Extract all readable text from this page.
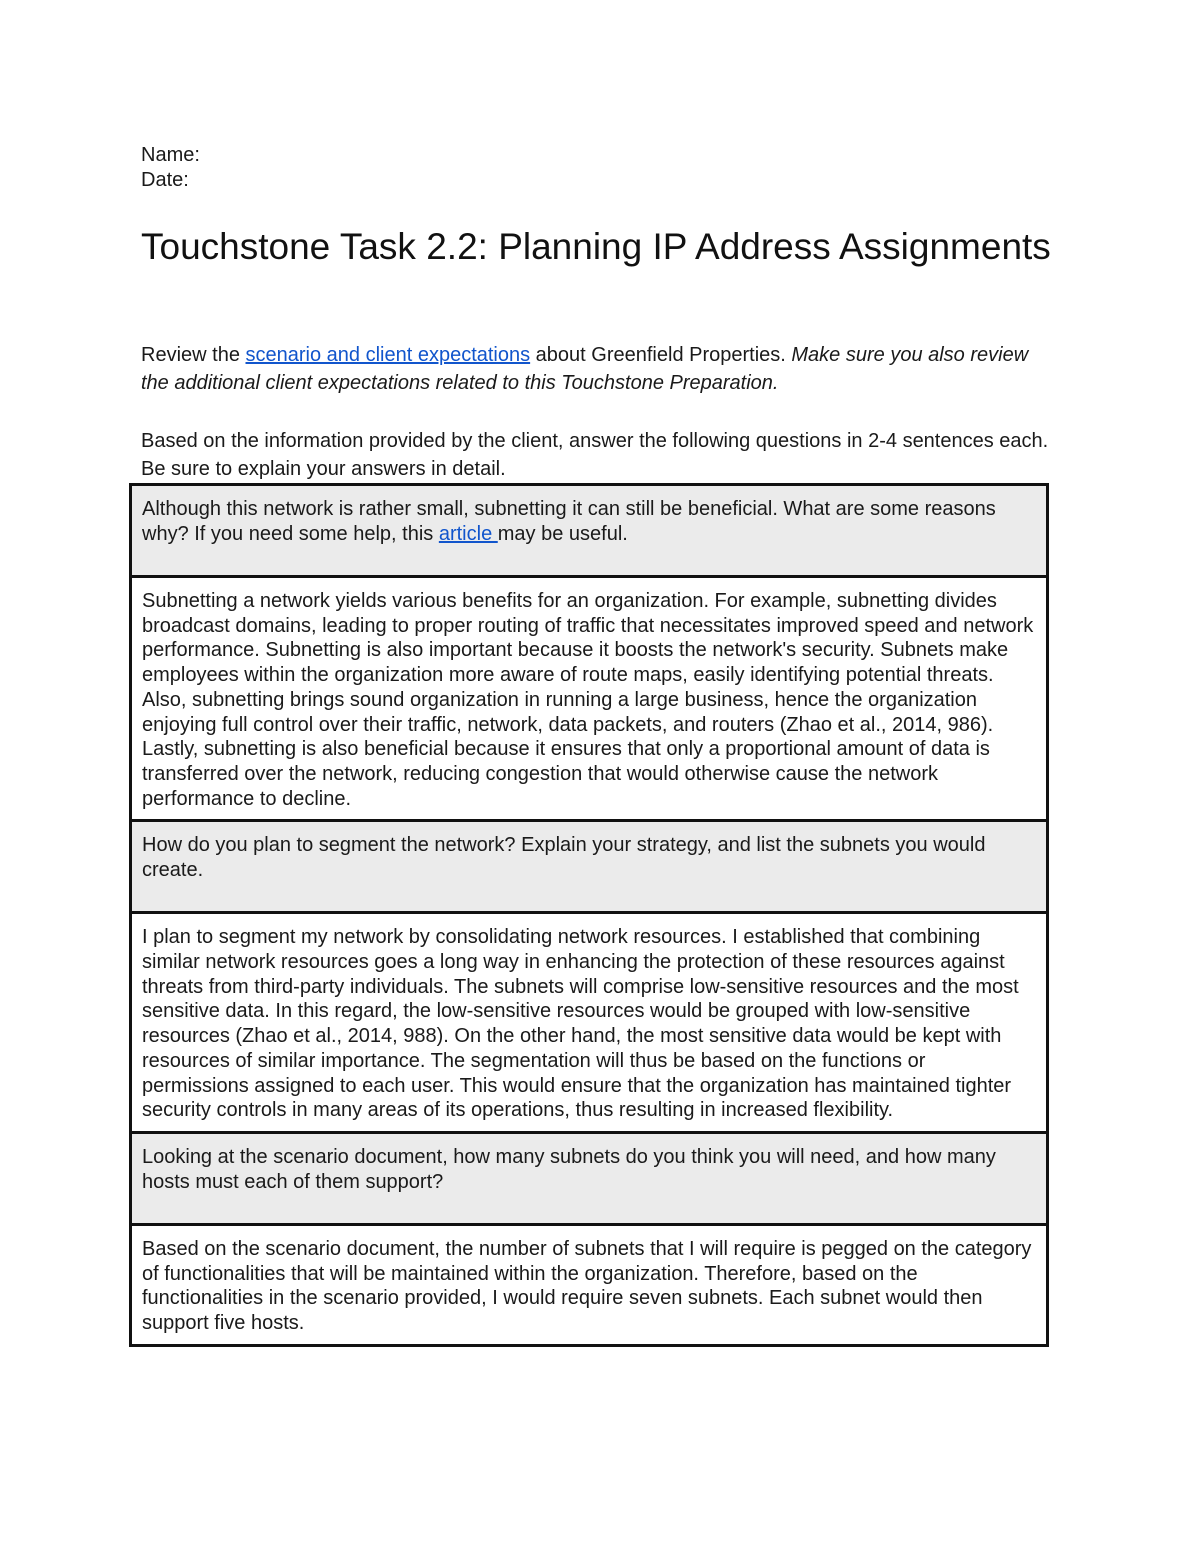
Name:
Date:
Touchstone Task 2.2: Planning IP Address Assignments

Review the scenario and client expectations about Greenfield Properties. Make sure you also review the additional client expectations related to this Touchstone Preparation.

Based on the information provided by the client, answer the following questions in 2-4 sentences each. Be sure to explain your answers in detail.

Although this network is rather small, subnetting it can still be beneficial. What are some reasons why? If you need some help, this article may be useful.
Subnetting a network yields various benefits for an organization. For example, subnetting divides broadcast domains, leading to proper routing of traffic that necessitates improved speed and network performance. Subnetting is also important because it boosts the network's security. Subnets make employees within the organization more aware of route maps, easily identifying potential threats. Also, subnetting brings sound organization in running a large business, hence the organization enjoying full control over their traffic, network, data packets, and routers (Zhao et al., 2014, 986). Lastly, subnetting is also beneficial because it ensures that only a proportional amount of data is transferred over the network, reducing congestion that would otherwise cause the network performance to decline.
How do you plan to segment the network? Explain your strategy, and list the subnets you would create.
I plan to segment my network by consolidating network resources. I established that combining similar network resources goes a long way in enhancing the protection of these resources against threats from third-party individuals. The subnets will comprise low-sensitive resources and the most sensitive data. In this regard, the low-sensitive resources would be grouped with low-sensitive resources (Zhao et al., 2014, 988). On the other hand, the most sensitive data would be kept with resources of similar importance. The segmentation will thus be based on the functions or permissions assigned to each user. This would ensure that the organization has maintained tighter security controls in many areas of its operations, thus resulting in increased flexibility.
Looking at the scenario document, how many subnets do you think you will need, and how many hosts must each of them support?
Based on the scenario document, the number of subnets that I will require is pegged on the category of functionalities that will be maintained within the organization. Therefore, based on the functionalities in the scenario provided, I would require seven subnets. Each subnet would then support five hosts.
